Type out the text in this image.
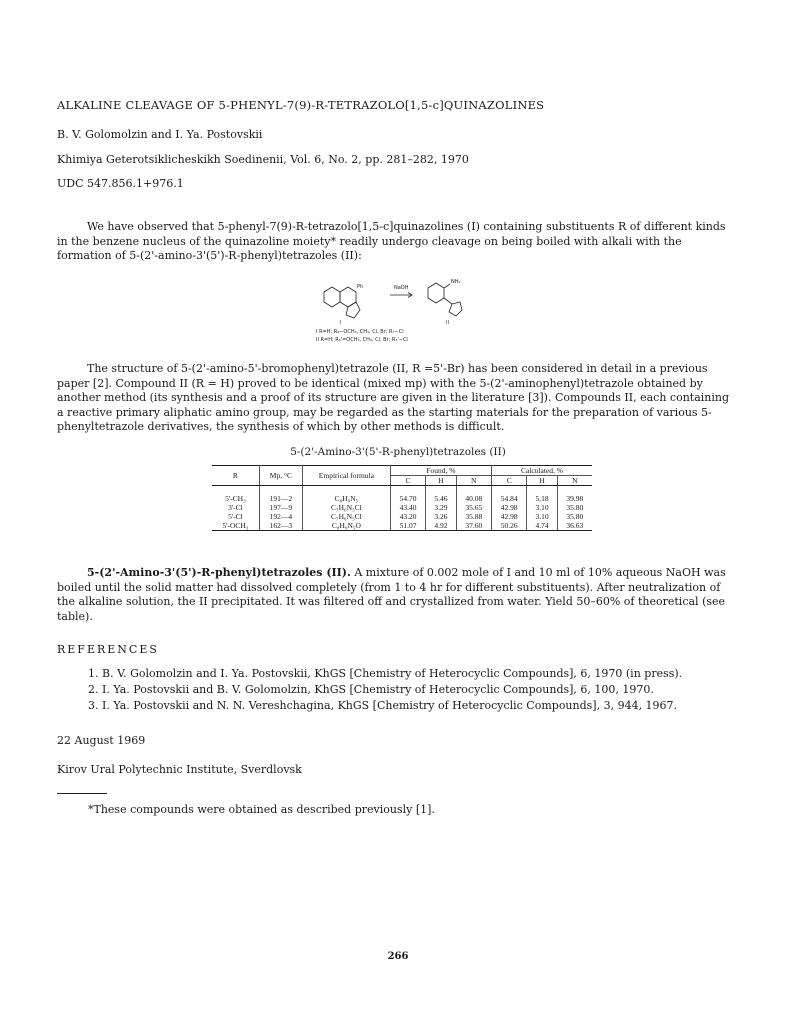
ALKALINE CLEAVAGE OF 5-PHENYL-7(9)-R-TETRAZOLO[1,5-c]QUINAZOLINES
B. V. Golomolzin and I. Ya. Postovskii
Khimiya Geterotsiklicheskikh Soedinenii, Vol. 6, No. 2, pp. 281–282, 1970
UDC 547.856.1+976.1

We have observed that 5-phenyl-7(9)-R-tetrazolo[1,5-c]quinazolines (I) containing substituents R of different kinds in the benzene nucleus of the quinazoline moiety* readily undergo cleavage on being boiled with alkali with the formation of 5-(2'-amino-3'(5')-R-phenyl)tetrazoles (II):

Ph	NaOH
NH₂
I	II
I R=H; R₉−OCH₃, CH₃, Cl, Br; R₇−Cl
II R=H; R₅'=OCH₃, CH₃, Cl, Br; R₃'−Cl

The structure of 5-(2'-amino-5'-bromophenyl)tetrazole (II, R =5'-Br) has been considered in detail in a previous paper [2]. Compound II (R = H) proved to be identical (mixed mp) with the 5-(2'-aminophenyl)tetrazole obtained by another method (its synthesis and a proof of its structure are given in the literature [3]). Compounds II, each containing a reactive primary aliphatic amino group, may be regarded as the starting materials for the preparation of various 5-phenyltetrazole derivatives, the synthesis of which by other methods is difficult.

5-(2'-Amino-3'(5'-R-phenyl)tetrazoles (II)
R	Mp, °C	Empirical formula	Found, %			Calculated, %		
			C	H	N	C	H	N
5'-CH₃	191—2	C₈H₉N₅	54.70	5.46	40.08	54.84	5.18	39.98
3'-Cl	197—9	C₇H₆N₅Cl	43.40	3.29	35.65	42.98	3.10	35.80
5'-Cl	192—4	C₇H₆N₅Cl	43.20	3.26	35.88	42.98	3.10	35.80
5'-OCH₃	162—3	C₈H₉N₅O	51.07	4.92	37.60	50.26	4.74	36.63

5-(2'-Amino-3'(5')-R-phenyl)tetrazoles (II). A mixture of 0.002 mole of I and 10 ml of 10% aqueous NaOH was boiled until the solid matter had dissolved completely (from 1 to 4 hr for different substituents). After neutralization of the alkaline solution, the II precipitated. It was filtered off and crystallized from water. Yield 50–60% of theoretical (see table).

REFERENCES
1. B. V. Golomolzin and I. Ya. Postovskii, KhGS [Chemistry of Heterocyclic Compounds], 6, 1970 (in press).
2. I. Ya. Postovskii and B. V. Golomolzin, KhGS [Chemistry of Heterocyclic Compounds], 6, 100, 1970.
3. I. Ya. Postovskii and N. N. Vereshchagina, KhGS [Chemistry of Heterocyclic Compounds], 3, 944, 1967.
22 August 1969
Kirov Ural Polytechnic Institute, Sverdlovsk
*These compounds were obtained as described previously [1].
266
